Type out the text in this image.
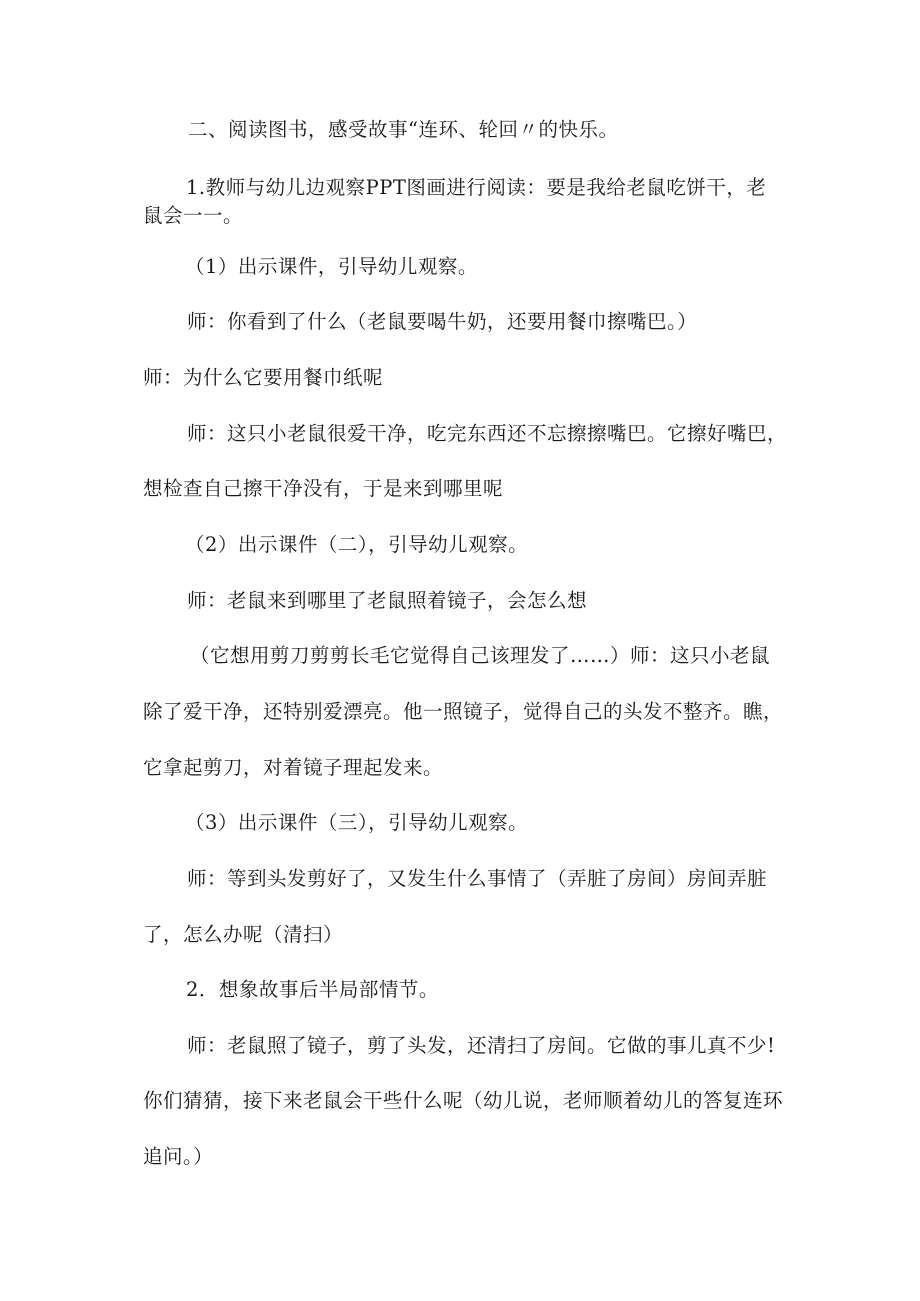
二、阅读图书，感受故事“连环、轮回〃的快乐。
1.教师与幼儿边观察PPT图画进行阅读：要是我给老鼠吃饼干，老
鼠会一一。
（1）出示课件，引导幼儿观察。
师：你看到了什么（老鼠要喝牛奶，还要用餐巾擦嘴巴。）
师：为什么它要用餐巾纸呢
师：这只小老鼠很爱干净，吃完东西还不忘擦擦嘴巴。它擦好嘴巴，
想检查自己擦干净没有，于是来到哪里呢
（2）出示课件（二），引导幼儿观察。
师：老鼠来到哪里了老鼠照着镜子，会怎么想
（它想用剪刀剪剪长毛它觉得自己该理发了……）师：这只小老鼠
除了爱干净，还特别爱漂亮。他一照镜子，觉得自己的头发不整齐。瞧，
它拿起剪刀，对着镜子理起发来。
（3）出示课件（三），引导幼儿观察。
师：等到头发剪好了，又发生什么事情了（弄脏了房间）房间弄脏
了，怎么办呢（清扫）
2．想象故事后半局部情节。
师：老鼠照了镜子，剪了头发，还清扫了房间。它做的事儿真不少!
你们猜猜，接下来老鼠会干些什么呢（幼儿说，老师顺着幼儿的答复连环
追问。）
